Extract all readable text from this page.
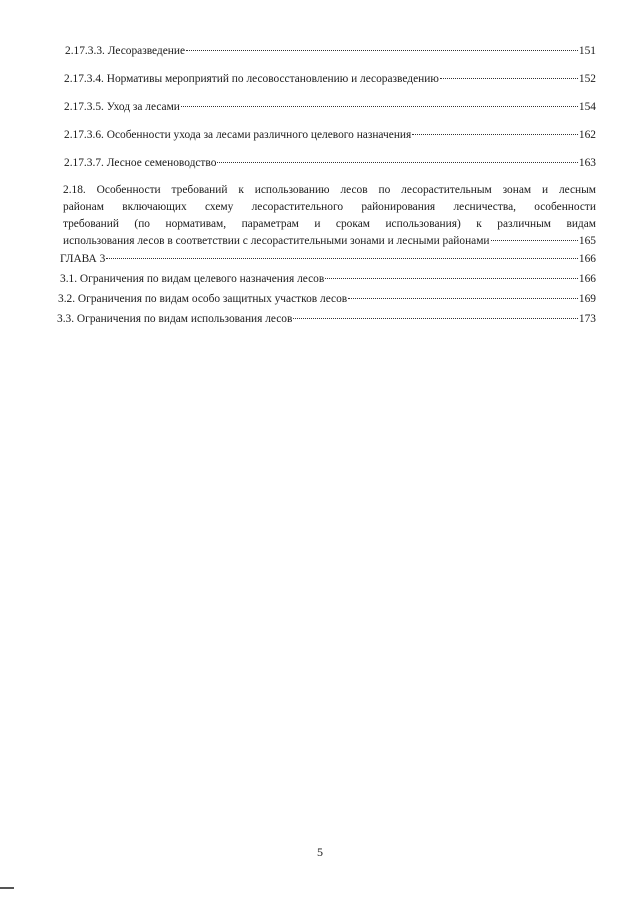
2.17.3.3. Лесоразведение	151
2.17.3.4. Нормативы мероприятий по лесовосстановлению и лесоразведению	152
2.17.3.5. Уход за лесами	154
2.17.3.6. Особенности ухода за лесами различного целевого назначения	162
2.17.3.7. Лесное семеноводство	163
2.18. Особенности требований к использованию лесов по лесорастительным зонам и лесным
районам включающих схему лесорастительного районирования лесничества, особенности
требований (по нормативам, параметрам и срокам использования) к различным видам
использования лесов в соответствии с лесорастительными зонами и лесными районами	165
ГЛАВА 3	166
3.1. Ограничения по видам целевого назначения лесов	166
3.2. Ограничения по видам особо защитных участков лесов	169
3.3. Ограничения по видам использования лесов	173
5
